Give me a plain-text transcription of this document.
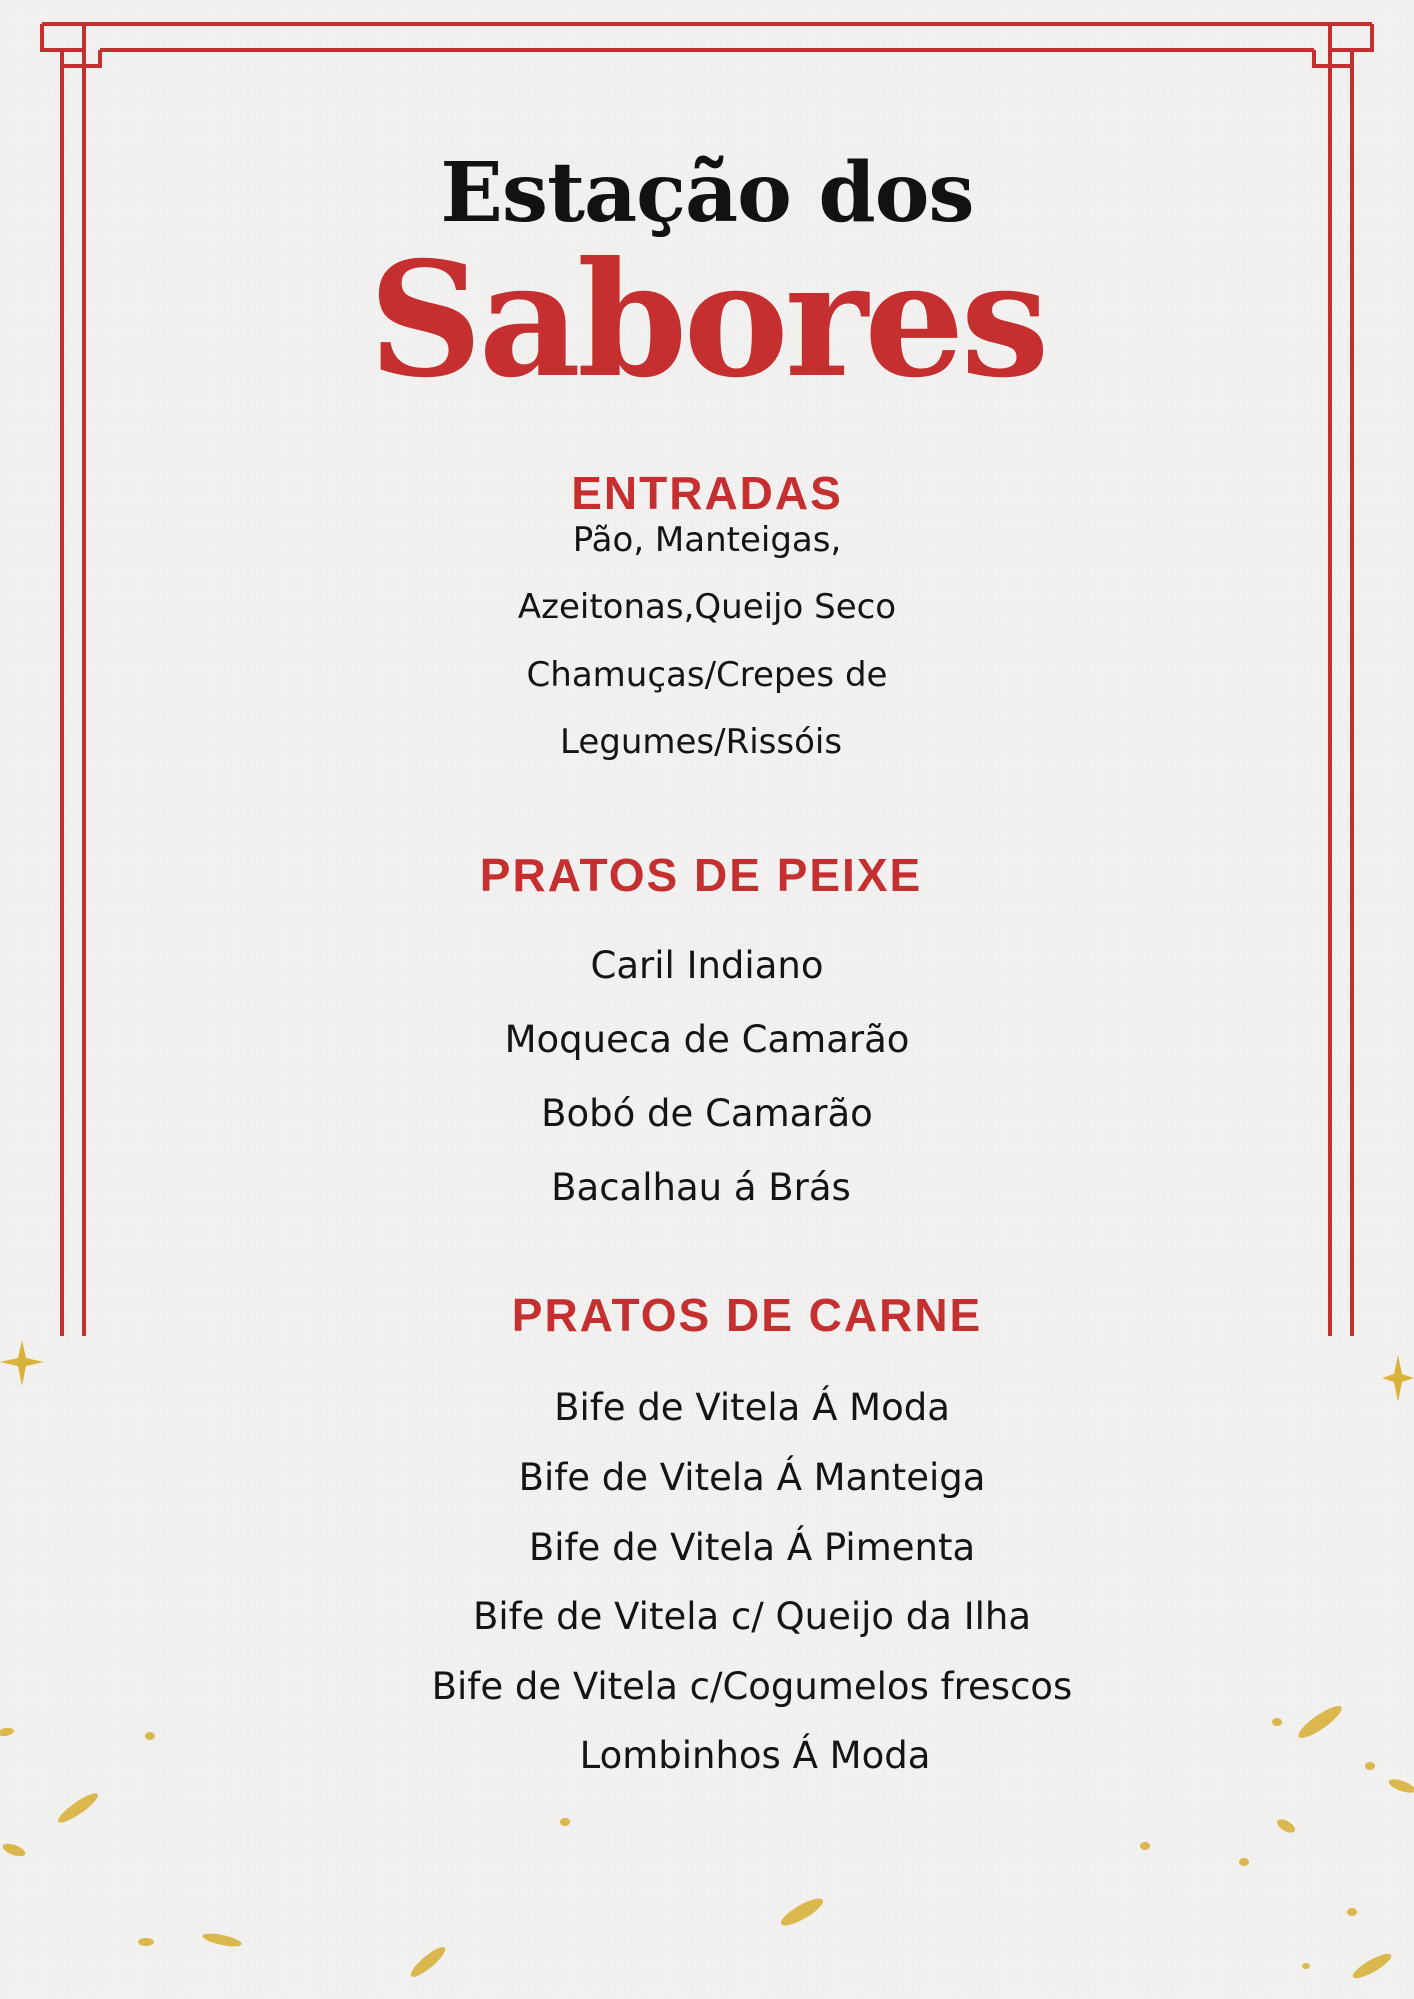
Estação dos
Sabores
ENTRADAS

Pão, Manteigas,

Azeitonas,Queijo Seco

Chamuças/Crepes de

Legumes/Rissóis

PRATOS DE PEIXE

Caril Indiano

Moqueca de Camarão

Bobó de Camarão

Bacalhau á Brás

PRATOS DE CARNE

Bife de Vitela Á Moda

Bife de Vitela Á Manteiga

Bife de Vitela Á Pimenta

Bife de Vitela c/ Queijo da Ilha

Bife de Vitela c/Cogumelos frescos

Lombinhos Á Moda
